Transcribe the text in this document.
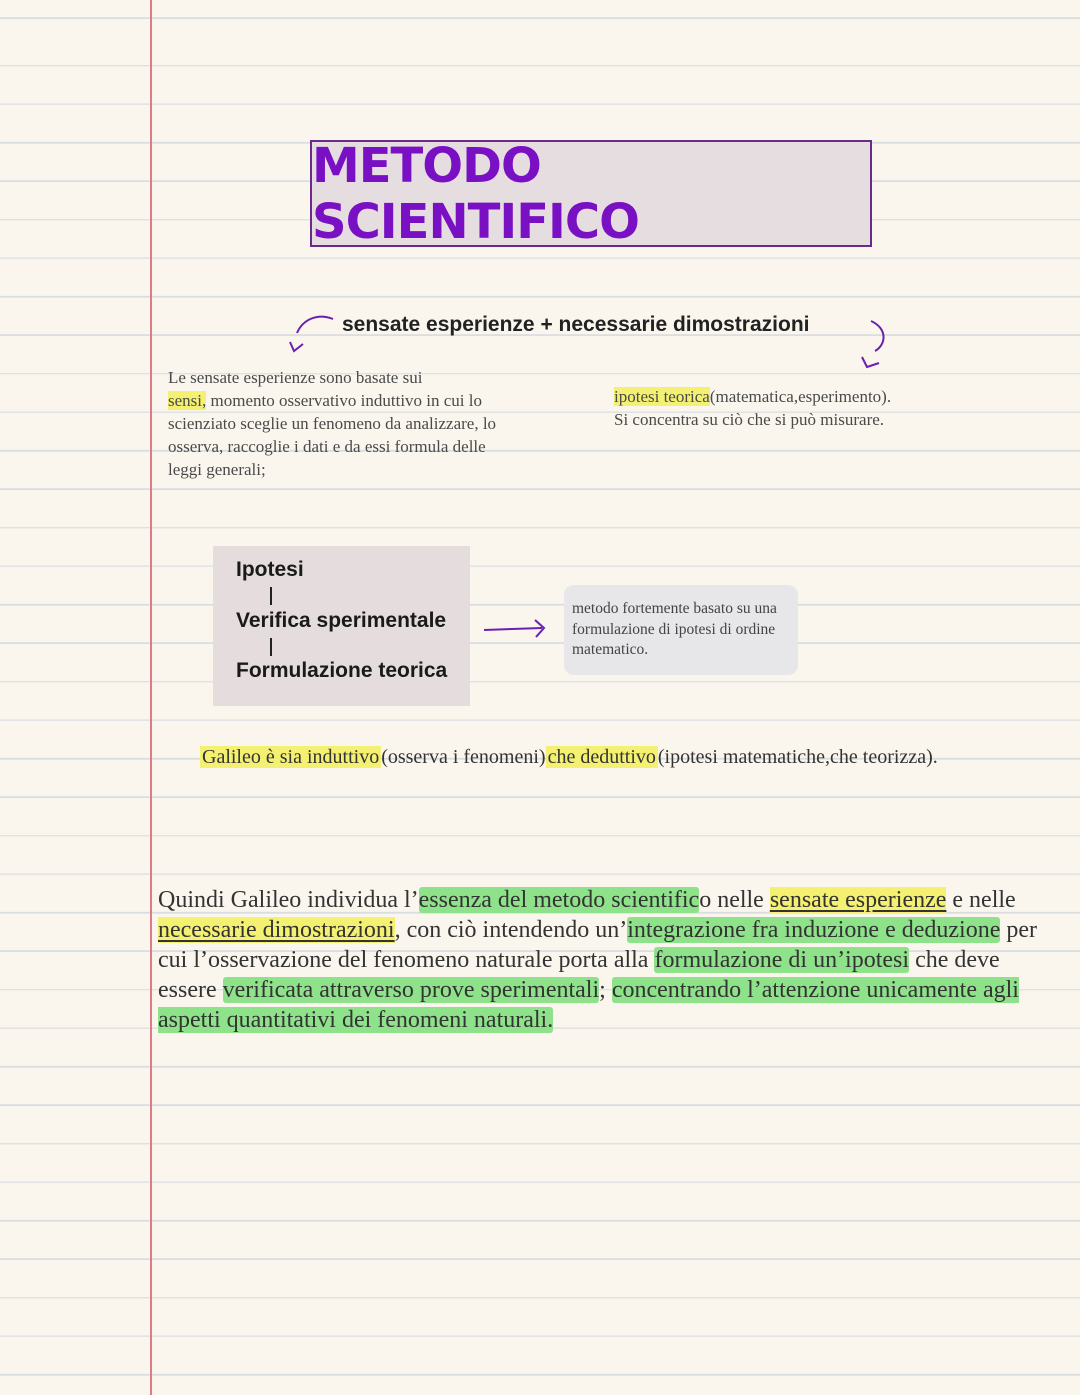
METODO SCIENTIFICO
sensate esperienze + necessarie dimostrazioni
Le sensate esperienze sono basate sui
sensi, momento osservativo induttivo in cui lo scienziato sceglie un fenomeno da analizzare, lo osserva, raccoglie i dati e da essi formula delle leggi generali;
ipotesi teorica(matematica,esperimento).
Si concentra su ciò che si può misurare.
Ipotesi
Verifica sperimentale
Formulazione teorica
metodo fortemente basato su una formulazione di ipotesi di ordine matematico.
Galileo è sia induttivo (osserva i fenomeni) che deduttivo (ipotesi matematiche,che teorizza).
Quindi Galileo individua l’essenza del metodo scientifico nelle sensate esperienze e nelle necessarie dimostrazioni, con ciò intendendo un’integrazione fra induzione e deduzione per cui l’osservazione del fenomeno naturale porta alla formulazione di un’ipotesi che deve essere verificata attraverso prove sperimentali; concentrando l’attenzione unicamente agli aspetti quantitativi dei fenomeni naturali.
